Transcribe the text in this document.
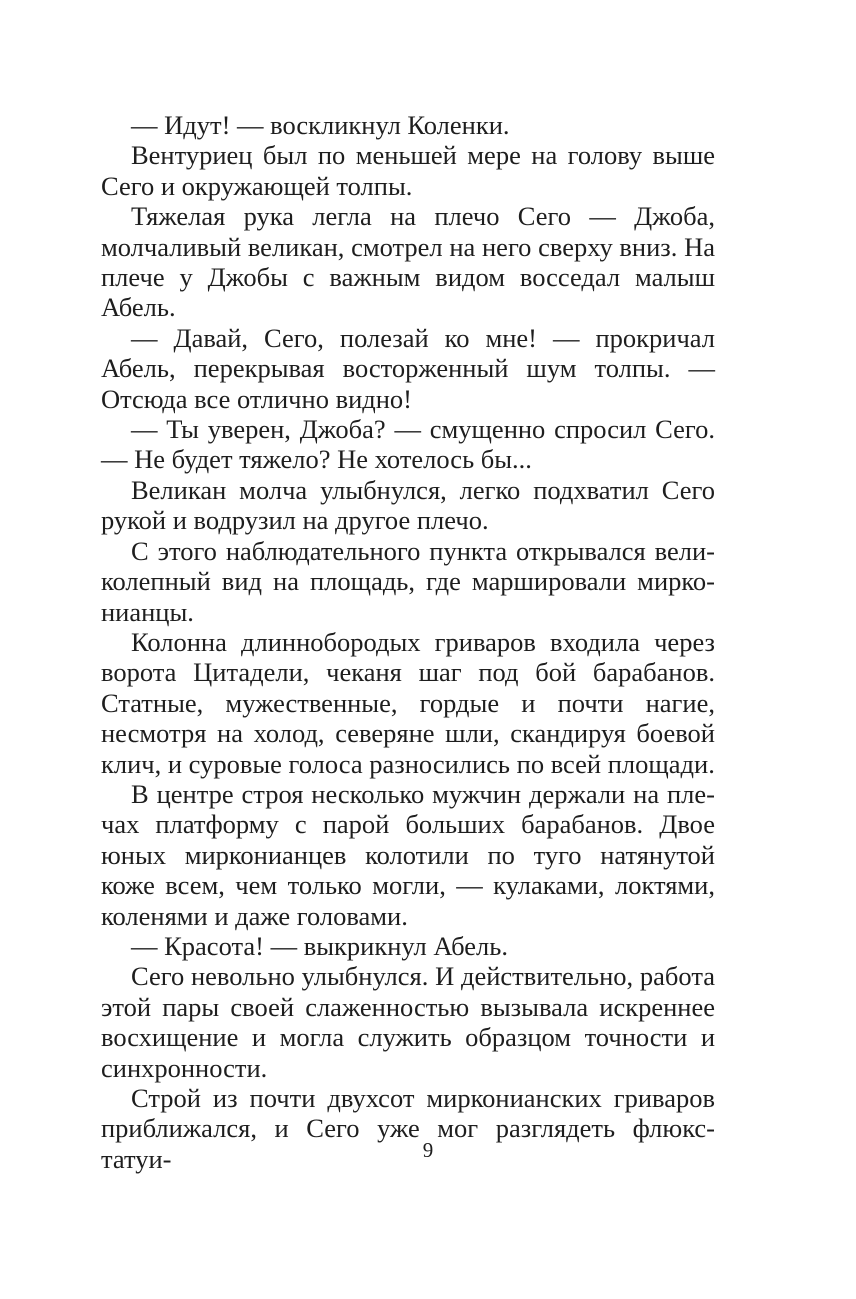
— Идут! — воскликнул Коленки.

Вентуриец был по меньшей мере на голову выше Сего и окружающей толпы.

Тяжелая рука легла на плечо Сего — Джоба, молчаливый великан, смотрел на него сверху вниз. На плече у Джобы с важным видом восседал малыш Абель.

— Давай, Сего, полезай ко мне! — прокричал Абель, перекрывая восторженный шум толпы. — Отсюда все отлично видно!

— Ты уверен, Джоба? — смущенно спросил Сего. — Не будет тяжело? Не хотелось бы...

Великан молча улыбнулся, легко подхватил Сего рукой и водрузил на другое плечо.

С этого наблюдательного пункта открывался великолепный вид на площадь, где маршировали мирконианцы.

Колонна длиннобородых гриваров входила через ворота Цитадели, чеканя шаг под бой барабанов. Статные, мужественные, гордые и почти нагие, несмотря на холод, северяне шли, скандируя боевой клич, и суровые голоса разносились по всей площади.

В центре строя несколько мужчин держали на плечах платформу с парой больших барабанов. Двое юных мирконианцев колотили по туго натянутой коже всем, чем только могли, — кулаками, локтями, коленями и даже головами.

— Красота! — выкрикнул Абель.

Сего невольно улыбнулся. И действительно, работа этой пары своей слаженностью вызывала искреннее восхищение и могла служить образцом точности и синхронности.

Строй из почти двухсот мирконианских гриваров приближался, и Сего уже мог разглядеть флюкс-татуи-	9
